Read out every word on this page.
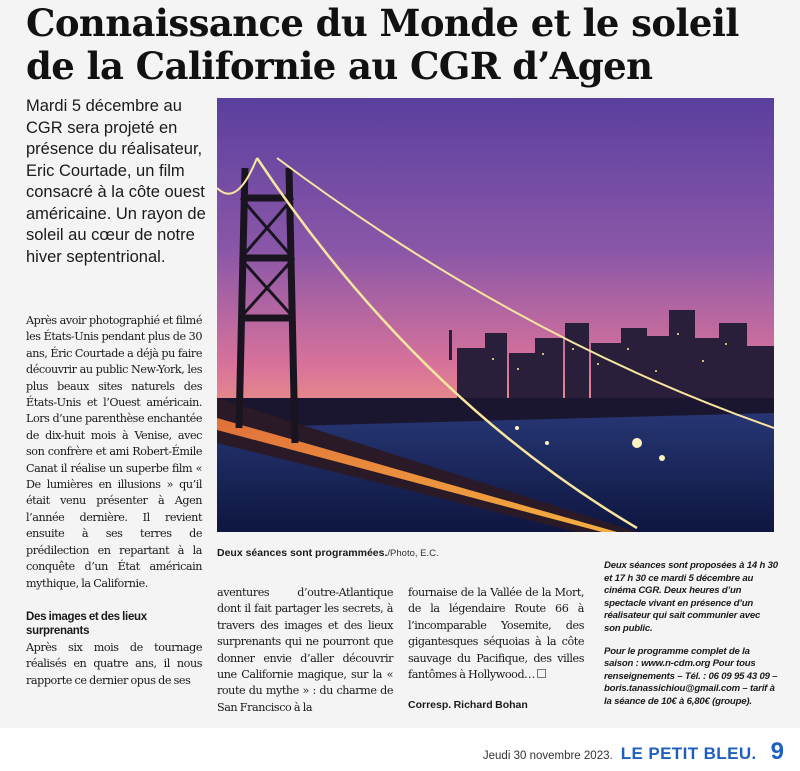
Connaissance du Monde et le soleil de la Californie au CGR d’Agen

Mardi 5 décembre au CGR sera projeté en présence du réalisateur, Eric Courtade, un film consacré à la côte ouest américaine. Un rayon de soleil au cœur de notre hiver septentrional.

Deux séances sont programmées./Photo, E.C.

Après avoir photographié et filmé les États-Unis pendant plus de 30 ans, Éric Courtade a déjà pu faire découvrir au public New-York, les plus beaux sites naturels des États-Unis et l’Ouest américain. Lors d’une parenthèse enchantée de dix-huit mois à Venise, avec son confrère et ami Robert-Émile Canat il réalise un superbe film « De lumières en illusions » qu’il était venu présenter à Agen l’année dernière. Il revient ensuite à ses terres de prédilection en repartant à la conquête d’un État américain mythique, la Californie.

Des images et des lieux surprenants

Après six mois de tournage réalisés en quatre ans, il nous rapporte ce dernier opus de ses

aventures d’outre-Atlantique dont il fait partager les secrets, à travers des images et des lieux surprenants qui ne pourront que donner envie d’aller découvrir une Californie magique, sur la « route du mythe » : du charme de San Francisco à la
fournaise de la Vallée de la Mort, de la légendaire Route 66 à l’incomparable Yosemite, des gigantesques séquoias à la côte sauvage du Pacifique, des villes fantômes à Hollywood…
Corresp. Richard Bohan

Deux séances sont proposées à 14 h 30 et 17 h 30 ce mardi 5 décembre au cinéma CGR. Deux heures d’un spectacle vivant en présence d’un réalisateur qui sait communier avec son public.

Pour le programme complet de la saison : www.n-cdm.org Pour tous renseignements – Tél. : 06 09 95 43 09 – boris.tanassichiou@gmail.com – tarif à la séance de 10€ à 6,80€ (groupe).

Jeudi 30 novembre 2023. LE PETIT BLEU. 9
